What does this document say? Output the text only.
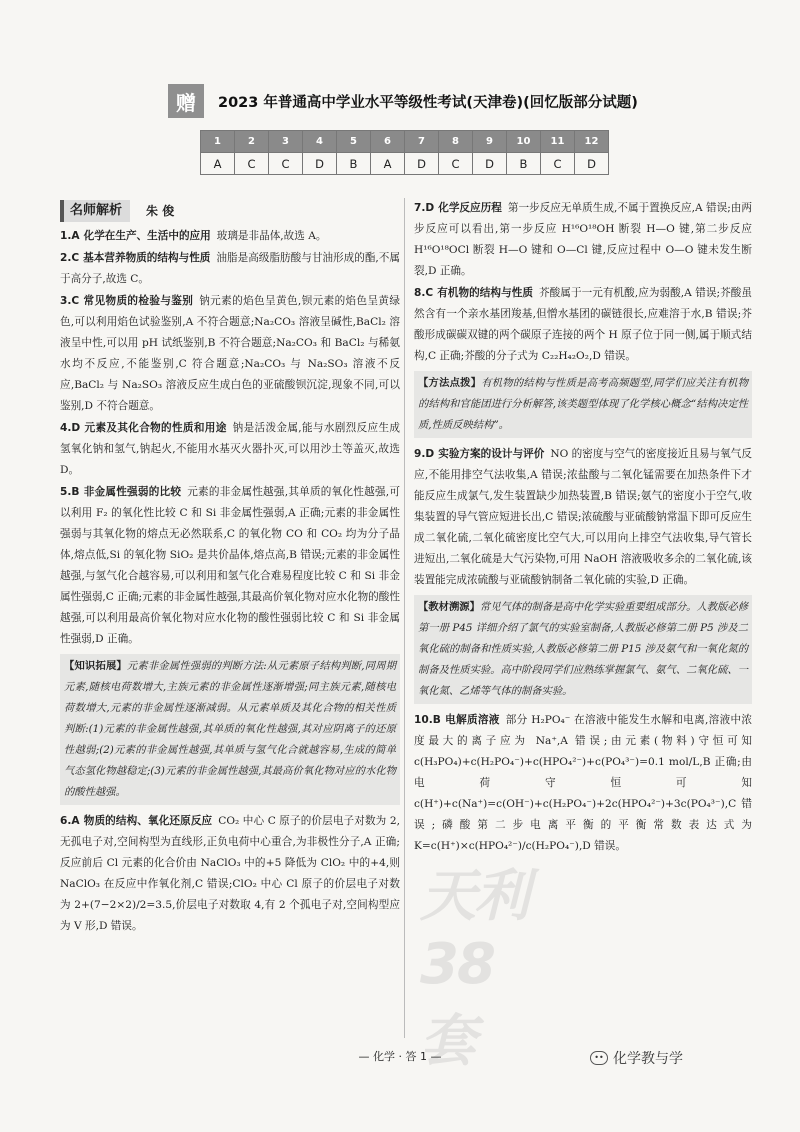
赠	2023 年普通高中学业水平等级性考试(天津卷)(回忆版部分试题)
1	2	3	4	5	6	7	8	9	10	11	12
A	C	C	D	B	A	D	C	D	B	C	D
名师解析	朱 俊
1.A 化学在生产、生活中的应用 玻璃是非晶体,故选 A。
2.C 基本营养物质的结构与性质 油脂是高级脂肪酸与甘油形成的酯,不属于高分子,故选 C。
3.C 常见物质的检验与鉴别 钠元素的焰色呈黄色,钡元素的焰色呈黄绿色,可以利用焰色试验鉴别,A 不符合题意;Na₂CO₃ 溶液呈碱性,BaCl₂ 溶液呈中性,可以用 pH 试纸鉴别,B 不符合题意;Na₂CO₃ 和 BaCl₂ 与稀氨水均不反应,不能鉴别,C 符合题意;Na₂CO₃ 与 Na₂SO₃ 溶液不反应,BaCl₂ 与 Na₂SO₃ 溶液反应生成白色的亚硫酸钡沉淀,现象不同,可以鉴别,D 不符合题意。
4.D 元素及其化合物的性质和用途 钠是活泼金属,能与水剧烈反应生成氢氧化钠和氢气,钠起火,不能用水基灭火器扑灭,可以用沙土等盖灭,故选 D。
5.B 非金属性强弱的比较 元素的非金属性越强,其单质的氧化性越强,可以利用 F₂ 的氧化性比较 C 和 Si 非金属性强弱,A 正确;元素的非金属性强弱与其氧化物的熔点无必然联系,C 的氧化物 CO 和 CO₂ 均为分子晶体,熔点低,Si 的氧化物 SiO₂ 是共价晶体,熔点高,B 错误;元素的非金属性越强,与氢气化合越容易,可以利用和氢气化合难易程度比较 C 和 Si 非金属性强弱,C 正确;元素的非金属性越强,其最高价氧化物对应水化物的酸性越强,可以利用最高价氧化物对应水化物的酸性强弱比较 C 和 Si 非金属性强弱,D 正确。
【知识拓展】元素非金属性强弱的判断方法:从元素原子结构判断,同周期元素,随核电荷数增大,主族元素的非金属性逐渐增强;同主族元素,随核电荷数增大,元素的非金属性逐渐减弱。从元素单质及其化合物的相关性质判断:(1)元素的非金属性越强,其单质的氧化性越强,其对应阴离子的还原性越弱;(2)元素的非金属性越强,其单质与氢气化合就越容易,生成的简单气态氢化物越稳定;(3)元素的非金属性越强,其最高价氧化物对应的水化物的酸性越强。
6.A 物质的结构、氧化还原反应 CO₂ 中心 C 原子的价层电子对数为 2,无孤电子对,空间构型为直线形,正负电荷中心重合,为非极性分子,A 正确;反应前后 Cl 元素的化合价由 NaClO₃ 中的+5 降低为 ClO₂ 中的+4,则 NaClO₃ 在反应中作氧化剂,C 错误;ClO₂ 中心 Cl 原子的价层电子对数为 2+(7−2×2)/2=3.5,价层电子对数取 4,有 2 个孤电子对,空间构型应为 V 形,D 错误。
7.D 化学反应历程 第一步反应无单质生成,不属于置换反应,A 错误;由两步反应可以看出,第一步反应 H¹⁶O¹⁸OH 断裂 H—O 键,第二步反应 H¹⁶O¹⁸OCl 断裂 H—O 键和 O—Cl 键,反应过程中 O—O 键未发生断裂,D 正确。
8.C 有机物的结构与性质 芥酸属于一元有机酸,应为弱酸,A 错误;芥酸虽然含有一个亲水基团羧基,但憎水基团的碳链很长,应难溶于水,B 错误;芥酸形成碳碳双键的两个碳原子连接的两个 H 原子位于同一侧,属于顺式结构,C 正确;芥酸的分子式为 C₂₂H₄₂O₂,D 错误。
【方法点拨】有机物的结构与性质是高考高频题型,同学们应关注有机物的结构和官能团进行分析解答,该类题型体现了化学核心概念“结构决定性质,性质反映结构”。
9.D 实验方案的设计与评价 NO 的密度与空气的密度接近且易与氧气反应,不能用排空气法收集,A 错误;浓盐酸与二氧化锰需要在加热条件下才能反应生成氯气,发生装置缺少加热装置,B 错误;氨气的密度小于空气,收集装置的导气管应短进长出,C 错误;浓硫酸与亚硫酸钠常温下即可反应生成二氧化硫,二氧化硫密度比空气大,可以用向上排空气法收集,导气管长进短出,二氧化硫是大气污染物,可用 NaOH 溶液吸收多余的二氧化硫,该装置能完成浓硫酸与亚硫酸钠制备二氧化硫的实验,D 正确。
【教材溯源】常见气体的制备是高中化学实验重要组成部分。人教版必修第一册 P45 详细介绍了氯气的实验室制备,人教版必修第二册 P5 涉及二氧化硫的制备和性质实验,人教版必修第二册 P15 涉及氨气和一氧化氮的制备及性质实验。高中阶段同学们应熟练掌握氯气、氨气、二氧化硫、一氧化氮、乙烯等气体的制备实验。
10.B 电解质溶液 部分 H₂PO₄⁻ 在溶液中能发生水解和电离,溶液中浓度最大的离子应为 Na⁺,A 错误;由元素(物料)守恒可知 c(H₃PO₄)+c(H₂PO₄⁻)+c(HPO₄²⁻)+c(PO₄³⁻)=0.1 mol/L,B 正确;由电荷守恒可知 c(H⁺)+c(Na⁺)=c(OH⁻)+c(H₂PO₄⁻)+2c(HPO₄²⁻)+3c(PO₄³⁻),C 错误;磷酸第二步电离平衡的平衡常数表达式为 K=c(H⁺)×c(HPO₄²⁻)/c(H₂PO₄⁻),D 错误。
天利38套
— 化学 · 答 1 —	•• 化学教与学
